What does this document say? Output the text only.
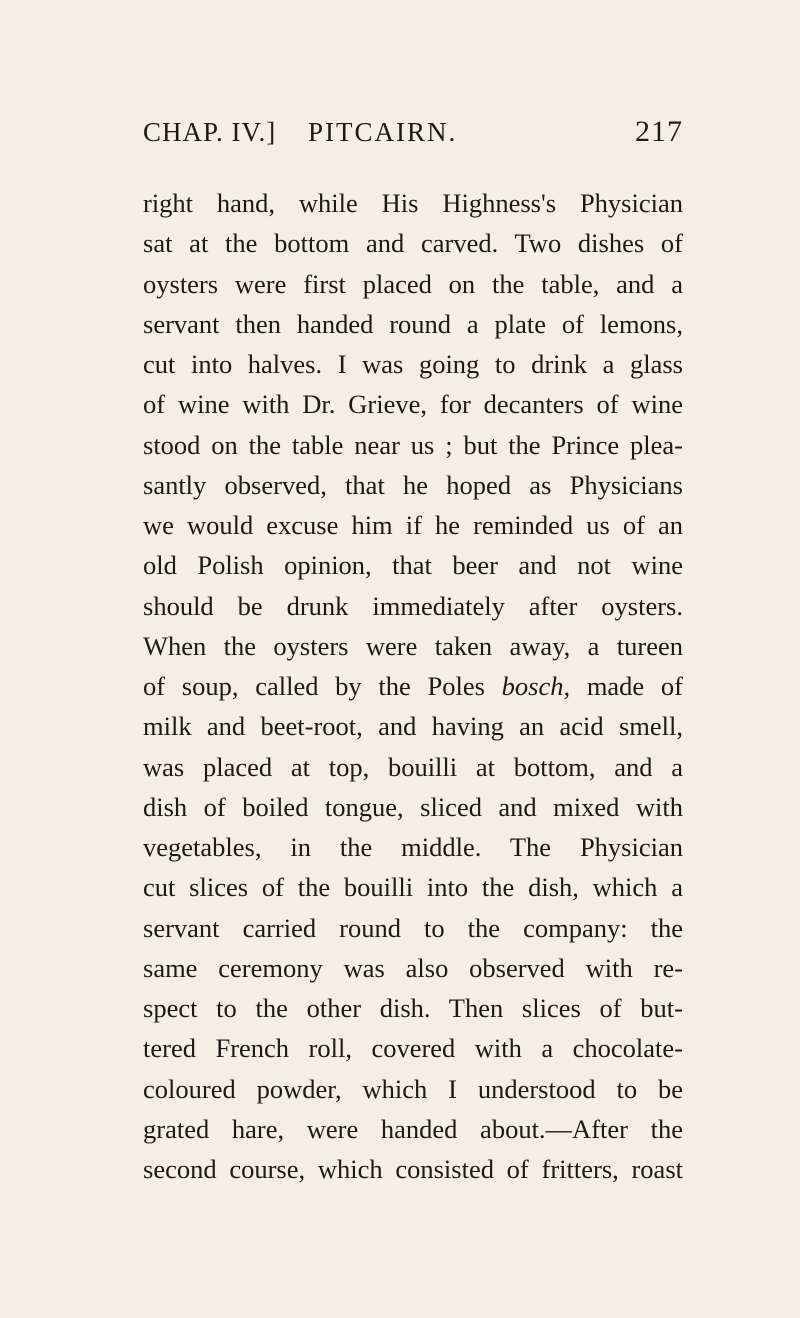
CHAP. IV.] PITCAIRN.	217
right hand, while His Highness's Physician
sat at the bottom and carved. Two dishes of
oysters were first placed on the table, and a
servant then handed round a plate of lemons,
cut into halves. I was going to drink a glass
of wine with Dr. Grieve, for decanters of wine
stood on the table near us ; but the Prince plea-
santly observed, that he hoped as Physicians
we would excuse him if he reminded us of an
old Polish opinion, that beer and not wine
should be drunk immediately after oysters.
When the oysters were taken away, a tureen
of soup, called by the Poles bosch, made of
milk and beet-root, and having an acid smell,
was placed at top, bouilli at bottom, and a
dish of boiled tongue, sliced and mixed with
vegetables, in the middle. The Physician
cut slices of the bouilli into the dish, which a
servant carried round to the company: the
same ceremony was also observed with re-
spect to the other dish. Then slices of but-
tered French roll, covered with a chocolate-
coloured powder, which I understood to be
grated hare, were handed about.—After the
second course, which consisted of fritters, roast
